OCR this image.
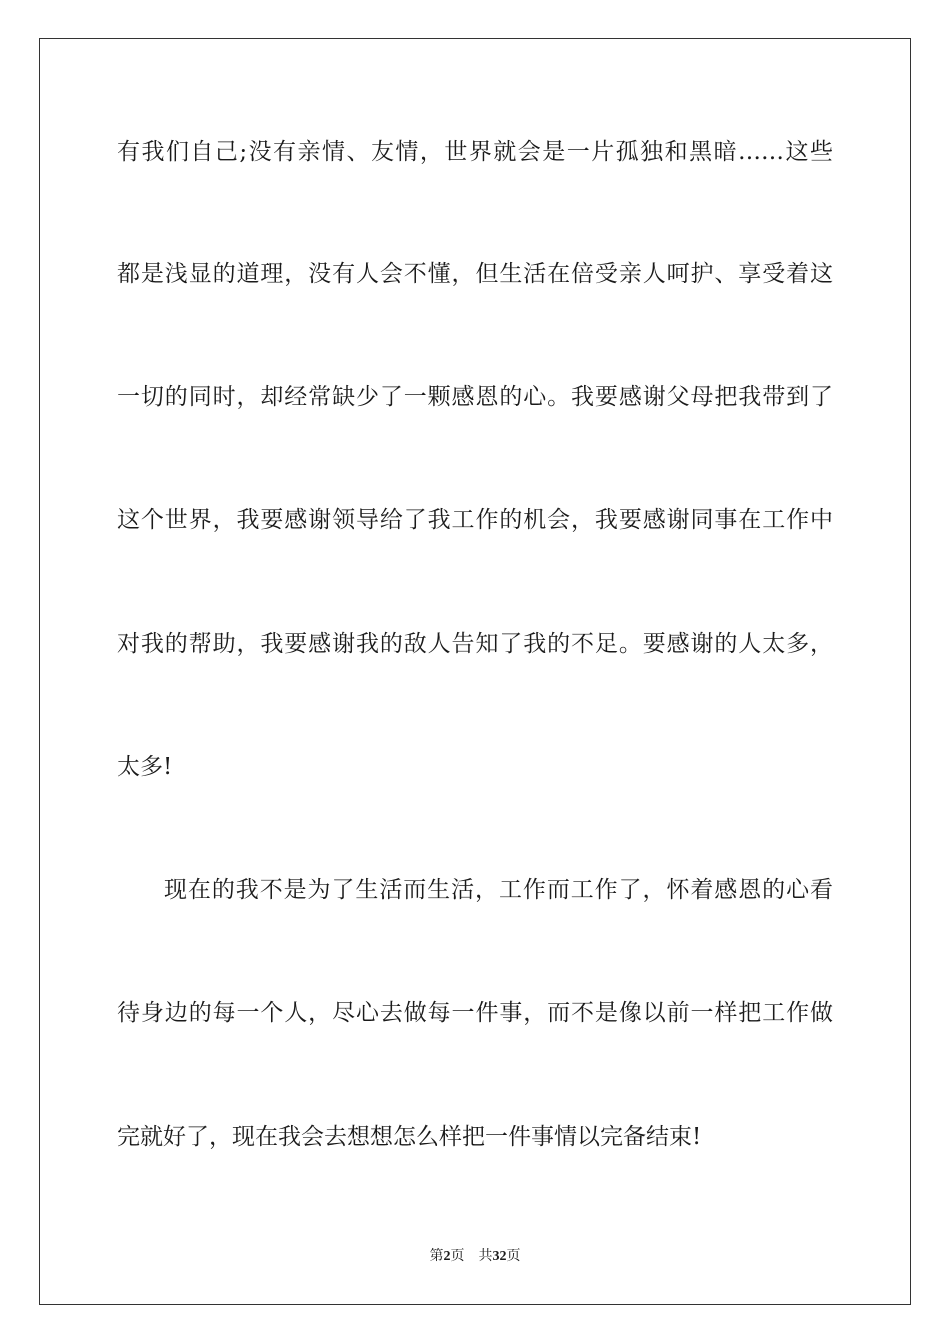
有我们自己;没有亲情、友情，世界就会是一片孤独和黑暗……这些
都是浅显的道理，没有人会不懂，但生活在倍受亲人呵护、享受着这
一切的同时，却经常缺少了一颗感恩的心。我要感谢父母把我带到了
这个世界，我要感谢领导给了我工作的机会，我要感谢同事在工作中
对我的帮助，我要感谢我的敌人告知了我的不足。要感谢的人太多，
太多!
现在的我不是为了生活而生活，工作而工作了，怀着感恩的心看
待身边的每一个人，尽心去做每一件事，而不是像以前一样把工作做
完就好了，现在我会去想想怎么样把一件事情以完备结束!
第2页 共32页
